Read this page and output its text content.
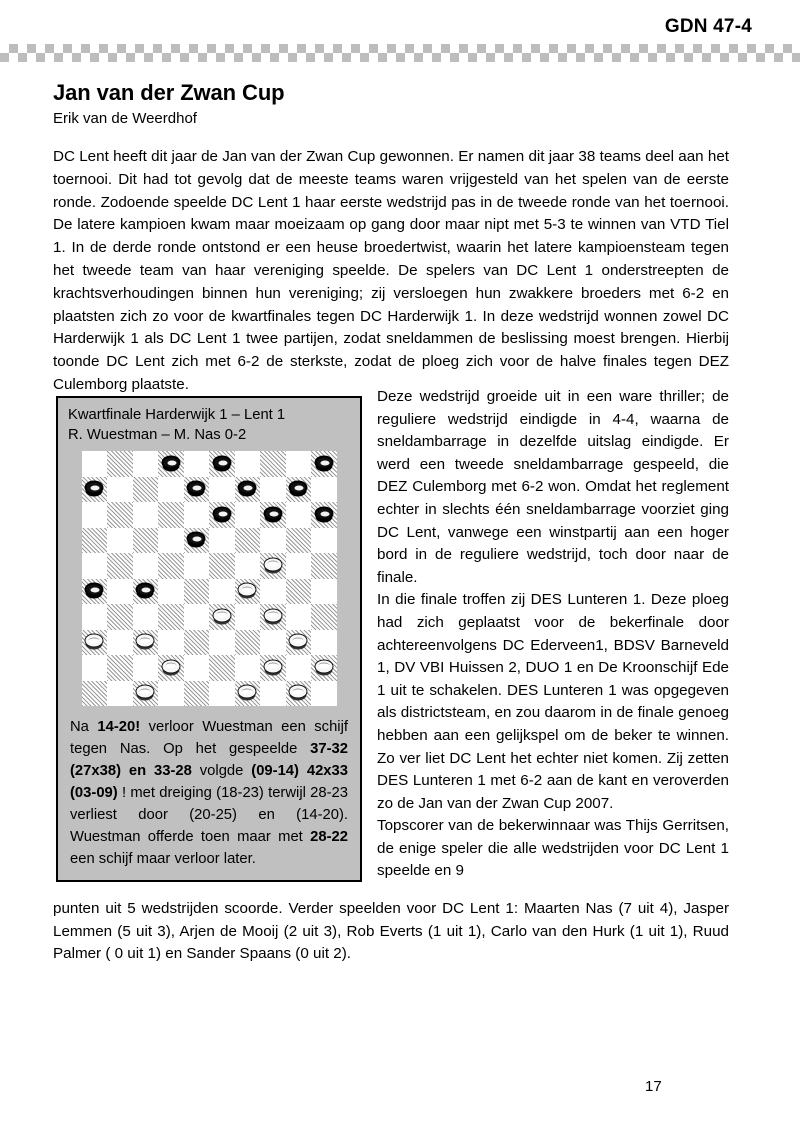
GDN 47-4
Jan van der Zwan Cup

Erik van de Weerdhof

DC Lent heeft dit jaar de Jan van der Zwan Cup gewonnen. Er namen dit jaar 38 teams deel aan het toernooi. Dit had tot gevolg dat de meeste teams waren vrijgesteld van het spelen van de eerste ronde. Zodoende speelde DC Lent 1 haar eerste wedstrijd pas in de tweede ronde van het toernooi. De latere kampioen kwam maar moeizaam op gang door maar nipt met 5-3 te winnen van VTD Tiel 1. In de derde ronde ontstond er een heuse broedertwist, waarin het latere kampioensteam tegen het tweede team van haar vereniging speelde. De spelers van DC Lent 1 onderstreepten de krachtsverhoudingen binnen hun vereniging; zij versloegen hun zwakkere broeders met 6-2 en plaatsten zich zo voor de kwartfinales tegen DC Harderwijk 1. In deze wedstrijd wonnen zowel DC Harderwijk 1 als DC Lent 1 twee partijen, zodat sneldammen de beslissing moest brengen. Hierbij toonde DC Lent zich met 6-2 de sterkste, zodat de ploeg zich voor de halve finales tegen DEZ Culemborg plaatste.

Kwartfinale Harderwijk 1 – Lent 1
R. Wuestman – M. Nas 0-2
Na 14-20! verloor Wuestman een schijf tegen Nas. Op het gespeelde 37-32 (27x38) en 33-28 volgde (09-14) 42x33 (03-09) ! met dreiging (18-23) terwijl 28-23 verliest door (20-25) en (14-20). Wuestman offerde toen maar met 28-22 een schijf maar verloor later.

Deze wedstrijd groeide uit in een ware thriller; de reguliere wedstrijd eindigde in 4-4, waarna de sneldambarrage in dezelfde uitslag eindigde. Er werd een tweede sneldambarrage gespeeld, die DEZ Culemborg met 6-2 won. Omdat het reglement echter in slechts één sneldambarrage voorziet ging DC Lent, vanwege een winstpartij aan een hoger bord in de reguliere wedstrijd, toch door naar de finale.

In die finale troffen zij DES Lunteren 1. Deze ploeg had zich geplaatst voor de bekerfinale door achtereenvolgens DC Ederveen1, BDSV Barneveld 1, DV VBI Huissen 2, DUO 1 en De Kroonschijf Ede 1 uit te schakelen. DES Lunteren 1 was opgegeven als districtsteam, en zou daarom in de finale genoeg hebben aan een gelijkspel om de beker te winnen. Zo ver liet DC Lent het echter niet komen. Zij zetten DES Lunteren 1 met 6-2 aan de kant en veroverden zo de Jan van der Zwan Cup 2007.

Topscorer van de bekerwinnaar was Thijs Gerritsen, de enige speler die alle wedstrijden voor DC Lent 1 speelde en 9

punten uit 5 wedstrijden scoorde. Verder speelden voor DC Lent 1: Maarten Nas (7 uit 4), Jasper Lemmen (5 uit 3), Arjen de Mooij (2 uit 3), Rob Everts (1 uit 1), Carlo van den Hurk (1 uit 1), Ruud Palmer ( 0 uit 1) en Sander Spaans (0 uit 2).

17
